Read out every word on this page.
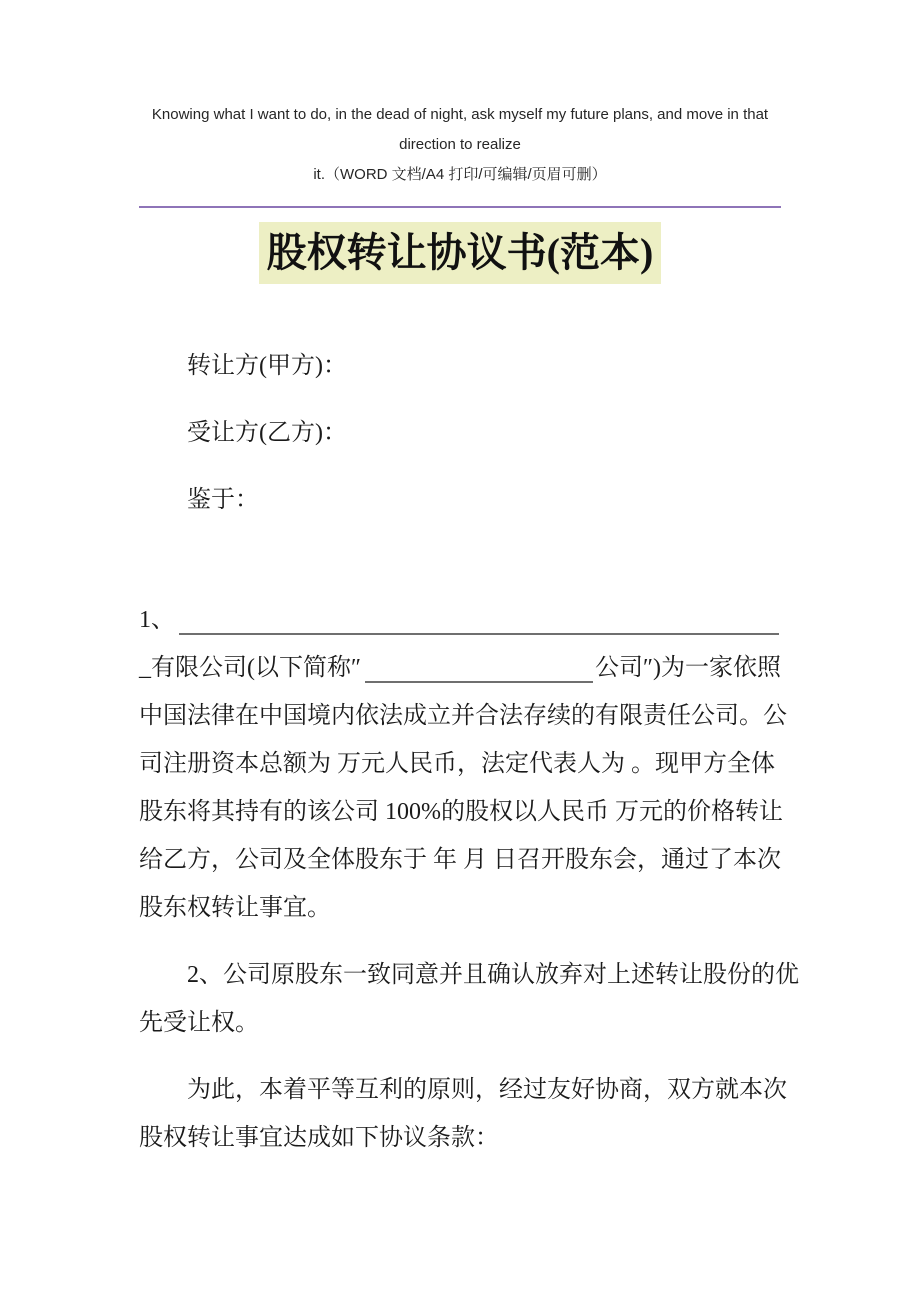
Knowing what I want to do, in the dead of night, ask myself my future plans, and move in that direction to realize
it.（WORD 文档/A4 打印/可编辑/页眉可删）
股权转让协议书(范本)

转让方(甲方)：

受让方(乙方)：

鉴于：

1、
_有限公司(以下简称″	公司″)为一家依照
中国法律在中国境内依法成立并合法存续的有限责任公司。公
司注册资本总额为 万元人民币，法定代表人为 。现甲方全体
股东将其持有的该公司 100%的股权以人民币 万元的价格转让
给乙方，公司及全体股东于 年 月 日召开股东会，通过了本次
股东权转让事宜。
2、公司原股东一致同意并且确认放弃对上述转让股份的优
先受让权。
为此，本着平等互利的原则，经过友好协商，双方就本次
股权转让事宜达成如下协议条款：
